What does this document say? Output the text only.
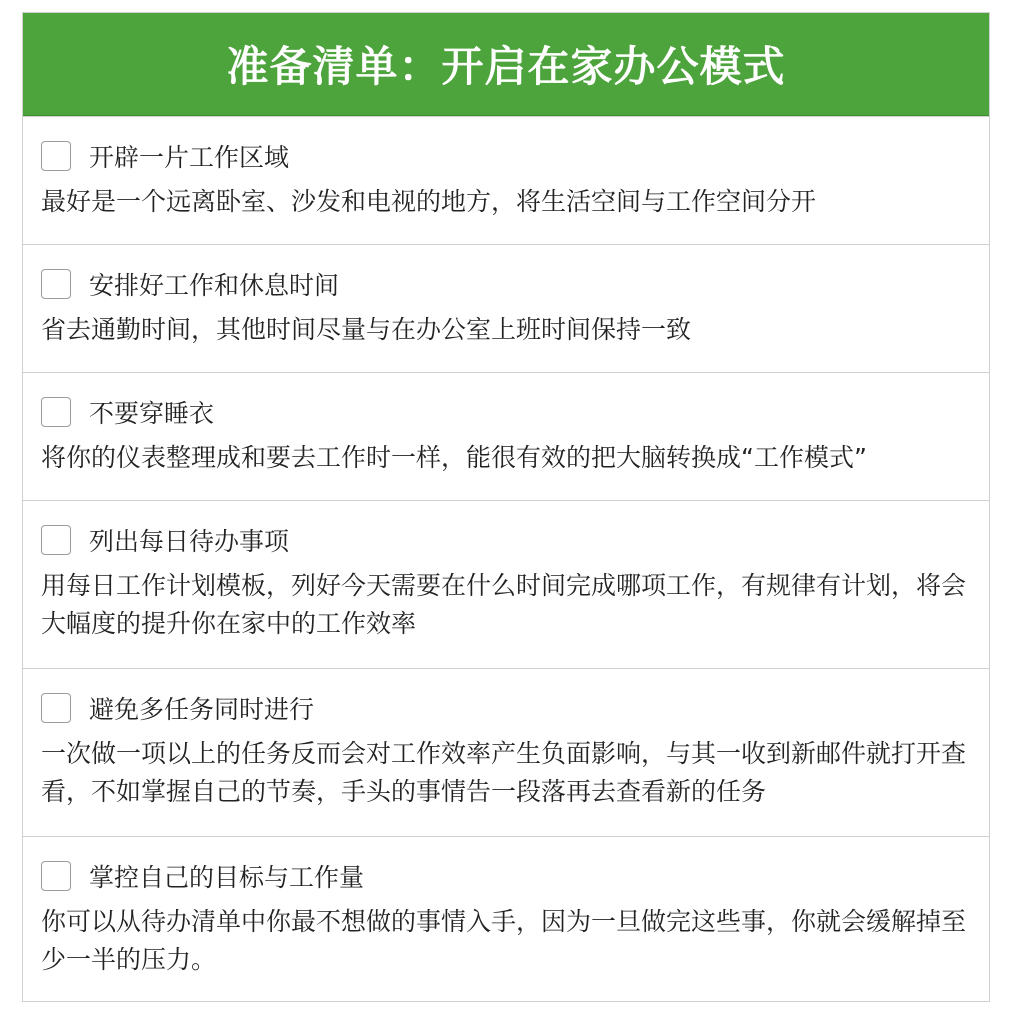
准备清单：开启在家办公模式
开辟一片工作区域
最好是一个远离卧室、沙发和电视的地方，将生活空间与工作空间分开
安排好工作和休息时间
省去通勤时间，其他时间尽量与在办公室上班时间保持一致
不要穿睡衣
将你的仪表整理成和要去工作时一样，能很有效的把大脑转换成“工作模式”
列出每日待办事项
用每日工作计划模板，列好今天需要在什么时间完成哪项工作，有规律有计划，将会大幅度的提升你在家中的工作效率
避免多任务同时进行
一次做一项以上的任务反而会对工作效率产生负面影响，与其一收到新邮件就打开查看，不如掌握自己的节奏，手头的事情告一段落再去查看新的任务
掌控自己的目标与工作量
你可以从待办清单中你最不想做的事情入手，因为一旦做完这些事，你就会缓解掉至少一半的压力。
